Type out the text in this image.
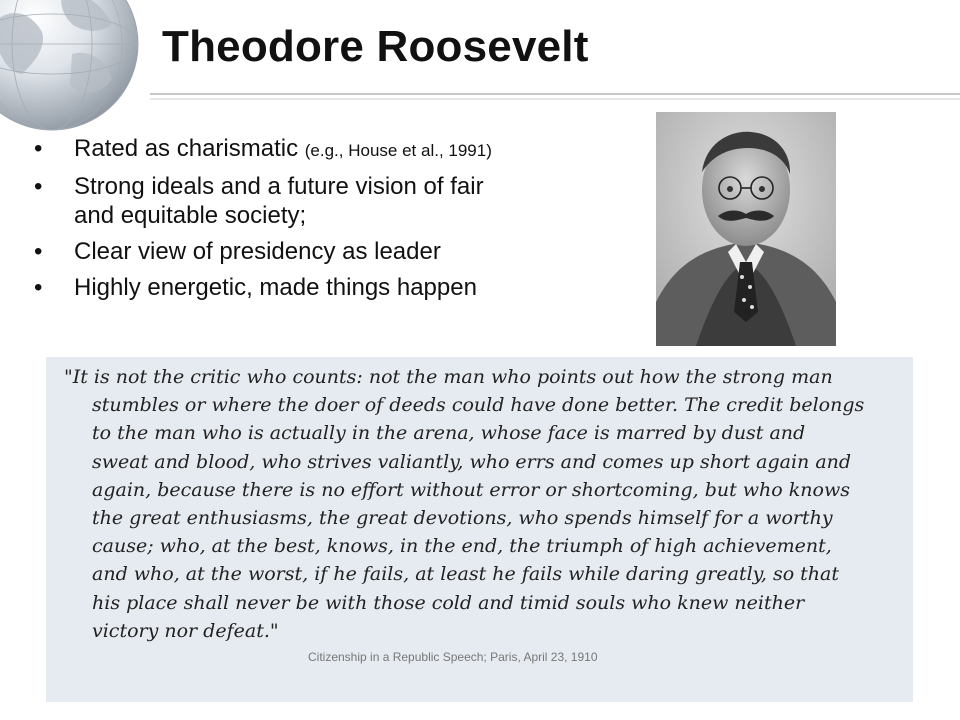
Theodore Roosevelt
• Rated as charismatic (e.g., House et al., 1991)
• Strong ideals and a future vision of fair
and equitable society;
• Clear view of presidency as leader
• Highly energetic, made things happen

"It is not the critic who counts: not the man who points out how the strong man
stumbles or where the doer of deeds could have done better. The credit belongs
to the man who is actually in the arena, whose face is marred by dust and
sweat and blood, who strives valiantly, who errs and comes up short again and
again, because there is no effort without error or shortcoming, but who knows
the great enthusiasms, the great devotions, who spends himself for a worthy
cause; who, at the best, knows, in the end, the triumph of high achievement,
and who, at the worst, if he fails, at least he fails while daring greatly, so that
his place shall never be with those cold and timid souls who knew neither
victory nor defeat."

Citizenship in a Republic Speech; Paris, April 23, 1910
